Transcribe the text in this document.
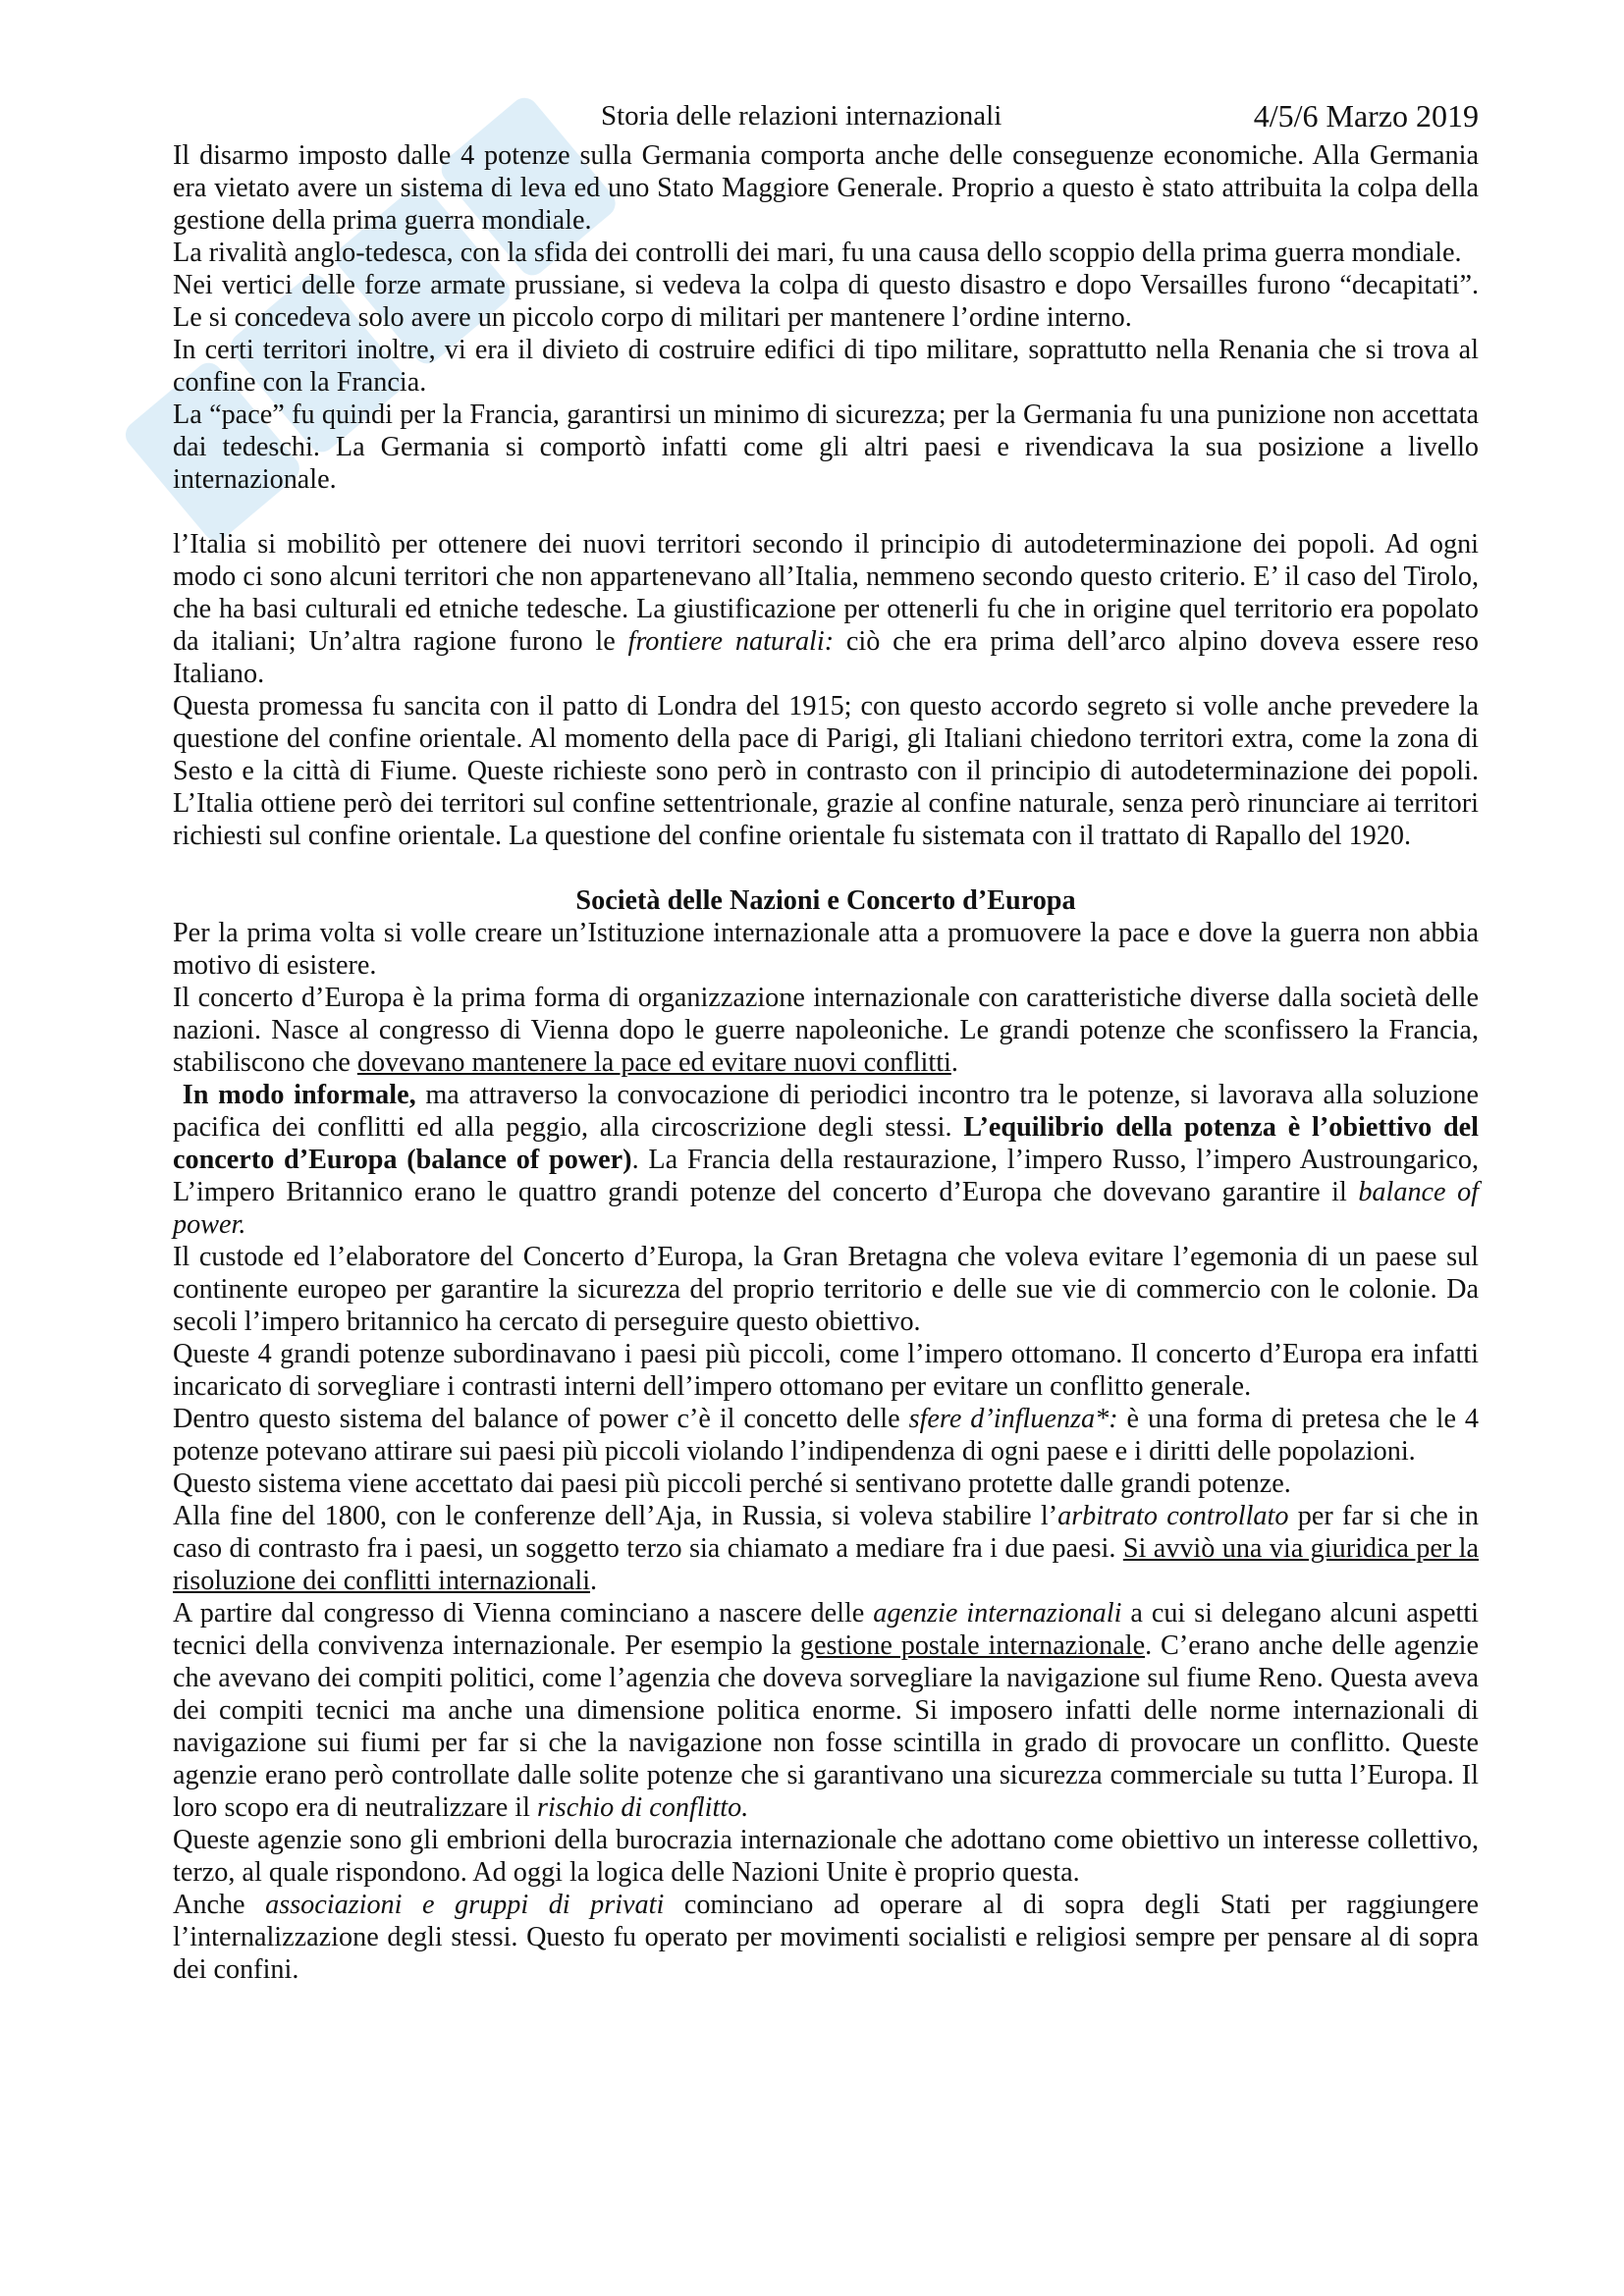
Storia delle relazioni internazionali	4/5/6 Marzo 2019

Il disarmo imposto dalle 4 potenze sulla Germania comporta anche delle conseguenze economiche. Alla Germania era vietato avere un sistema di leva ed uno Stato Maggiore Generale. Proprio a questo è stato attribuita la colpa della gestione della prima guerra mondiale.

La rivalità anglo-tedesca, con la sfida dei controlli dei mari, fu una causa dello scoppio della prima guerra mondiale.

Nei vertici delle forze armate prussiane, si vedeva la colpa di questo disastro e dopo Versailles furono “decapitati”. Le si concedeva solo avere un piccolo corpo di militari per mantenere l’ordine interno.

In certi territori inoltre, vi era il divieto di costruire edifici di tipo militare, soprattutto nella Renania che si trova al confine con la Francia.

La “pace” fu quindi per la Francia, garantirsi un minimo di sicurezza; per la Germania fu una punizione non accettata dai tedeschi. La Germania si comportò infatti come gli altri paesi e rivendicava la sua posizione a livello internazionale.

l’Italia si mobilitò per ottenere dei nuovi territori secondo il principio di autodeterminazione dei popoli. Ad ogni modo ci sono alcuni territori che non appartenevano all’Italia, nemmeno secondo questo criterio. E’ il caso del Tirolo, che ha basi culturali ed etniche tedesche. La giustificazione per ottenerli fu che in origine quel territorio era popolato da italiani; Un’altra ragione furono le frontiere naturali: ciò che era prima dell’arco alpino doveva essere reso Italiano.

Questa promessa fu sancita con il patto di Londra del 1915; con questo accordo segreto si volle anche prevedere la questione del confine orientale. Al momento della pace di Parigi, gli Italiani chiedono territori extra, come la zona di Sesto e la città di Fiume. Queste richieste sono però in contrasto con il principio di autodeterminazione dei popoli. L’Italia ottiene però dei territori sul confine settentrionale, grazie al confine naturale, senza però rinunciare ai territori richiesti sul confine orientale. La questione del confine orientale fu sistemata con il trattato di Rapallo del 1920.

Società delle Nazioni e Concerto d’Europa

Per la prima volta si volle creare un’Istituzione internazionale atta a promuovere la pace e dove la guerra non abbia motivo di esistere.

Il concerto d’Europa è la prima forma di organizzazione internazionale con caratteristiche diverse dalla società delle nazioni. Nasce al congresso di Vienna dopo le guerre napoleoniche. Le grandi potenze che sconfissero la Francia, stabiliscono che dovevano mantenere la pace ed evitare nuovi conflitti.

In modo informale, ma attraverso la convocazione di periodici incontro tra le potenze, si lavorava alla soluzione pacifica dei conflitti ed alla peggio, alla circoscrizione degli stessi. L’equilibrio della potenza è l’obiettivo del concerto d’Europa (balance of power). La Francia della restaurazione, l’impero Russo, l’impero Austroungarico, L’impero Britannico erano le quattro grandi potenze del concerto d’Europa che dovevano garantire il balance of power.

Il custode ed l’elaboratore del Concerto d’Europa, la Gran Bretagna che voleva evitare l’egemonia di un paese sul continente europeo per garantire la sicurezza del proprio territorio e delle sue vie di commercio con le colonie. Da secoli l’impero britannico ha cercato di perseguire questo obiettivo.

Queste 4 grandi potenze subordinavano i paesi più piccoli, come l’impero ottomano. Il concerto d’Europa era infatti incaricato di sorvegliare i contrasti interni dell’impero ottomano per evitare un conflitto generale.

Dentro questo sistema del balance of power c’è il concetto delle sfere d’influenza*: è una forma di pretesa che le 4 potenze potevano attirare sui paesi più piccoli violando l’indipendenza di ogni paese e i diritti delle popolazioni.

Questo sistema viene accettato dai paesi più piccoli perché si sentivano protette dalle grandi potenze.

Alla fine del 1800, con le conferenze dell’Aja, in Russia, si voleva stabilire l’arbitrato controllato per far si che in caso di contrasto fra i paesi, un soggetto terzo sia chiamato a mediare fra i due paesi. Si avviò una via giuridica per la risoluzione dei conflitti internazionali.

A partire dal congresso di Vienna cominciano a nascere delle agenzie internazionali a cui si delegano alcuni aspetti tecnici della convivenza internazionale. Per esempio la gestione postale internazionale. C’erano anche delle agenzie che avevano dei compiti politici, come l’agenzia che doveva sorvegliare la navigazione sul fiume Reno. Questa aveva dei compiti tecnici ma anche una dimensione politica enorme. Si imposero infatti delle norme internazionali di navigazione sui fiumi per far si che la navigazione non fosse scintilla in grado di provocare un conflitto. Queste agenzie erano però controllate dalle solite potenze che si garantivano una sicurezza commerciale su tutta l’Europa. Il loro scopo era di neutralizzare il rischio di conflitto.

Queste agenzie sono gli embrioni della burocrazia internazionale che adottano come obiettivo un interesse collettivo, terzo, al quale rispondono. Ad oggi la logica delle Nazioni Unite è proprio questa.

Anche associazioni e gruppi di privati cominciano ad operare al di sopra degli Stati per raggiungere l’internalizzazione degli stessi. Questo fu operato per movimenti socialisti e religiosi sempre per pensare al di sopra dei confini.
